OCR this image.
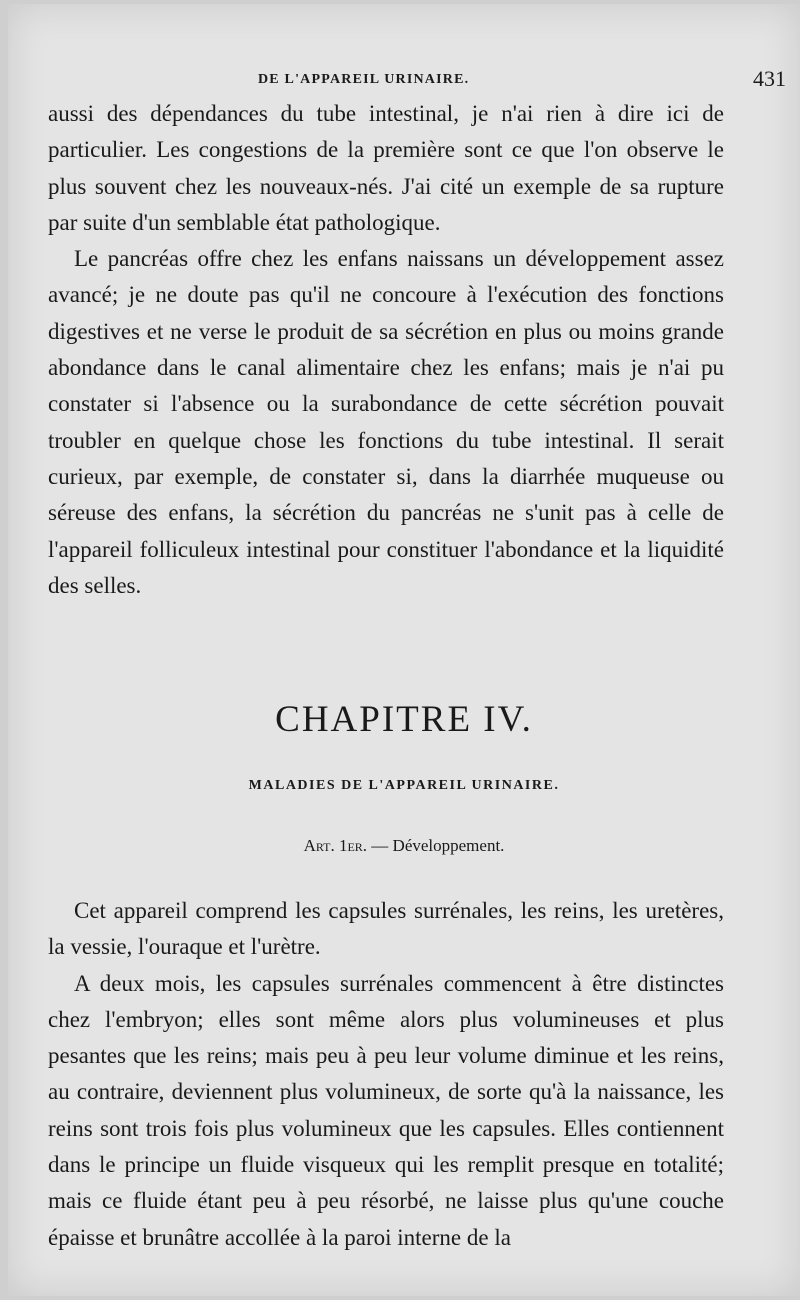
DE L'APPAREIL URINAIRE.	431

aussi des dépendances du tube intestinal, je n'ai rien à dire ici de particulier. Les congestions de la première sont ce que l'on observe le plus souvent chez les nouveaux-nés. J'ai cité un exemple de sa rupture par suite d'un semblable état pathologique.

Le pancréas offre chez les enfans naissans un développement assez avancé; je ne doute pas qu'il ne concoure à l'exécution des fonctions digestives et ne verse le produit de sa sécrétion en plus ou moins grande abondance dans le canal alimentaire chez les enfans; mais je n'ai pu constater si l'absence ou la surabondance de cette sécrétion pouvait troubler en quelque chose les fonctions du tube intestinal. Il serait curieux, par exemple, de constater si, dans la diarrhée muqueuse ou séreuse des enfans, la sécrétion du pancréas ne s'unit pas à celle de l'appareil folliculeux intestinal pour constituer l'abondance et la liquidité des selles.

CHAPITRE IV.
MALADIES DE L'APPAREIL URINAIRE.
Art. 1er. — Développement.

Cet appareil comprend les capsules surrénales, les reins, les uretères, la vessie, l'ouraque et l'urètre.

A deux mois, les capsules surrénales commencent à être distinctes chez l'embryon; elles sont même alors plus volumineuses et plus pesantes que les reins; mais peu à peu leur volume diminue et les reins, au contraire, deviennent plus volumineux, de sorte qu'à la naissance, les reins sont trois fois plus volumineux que les capsules. Elles contiennent dans le principe un fluide visqueux qui les remplit presque en totalité; mais ce fluide étant peu à peu résorbé, ne laisse plus qu'une couche épaisse et brunâtre accollée à la paroi interne de la
